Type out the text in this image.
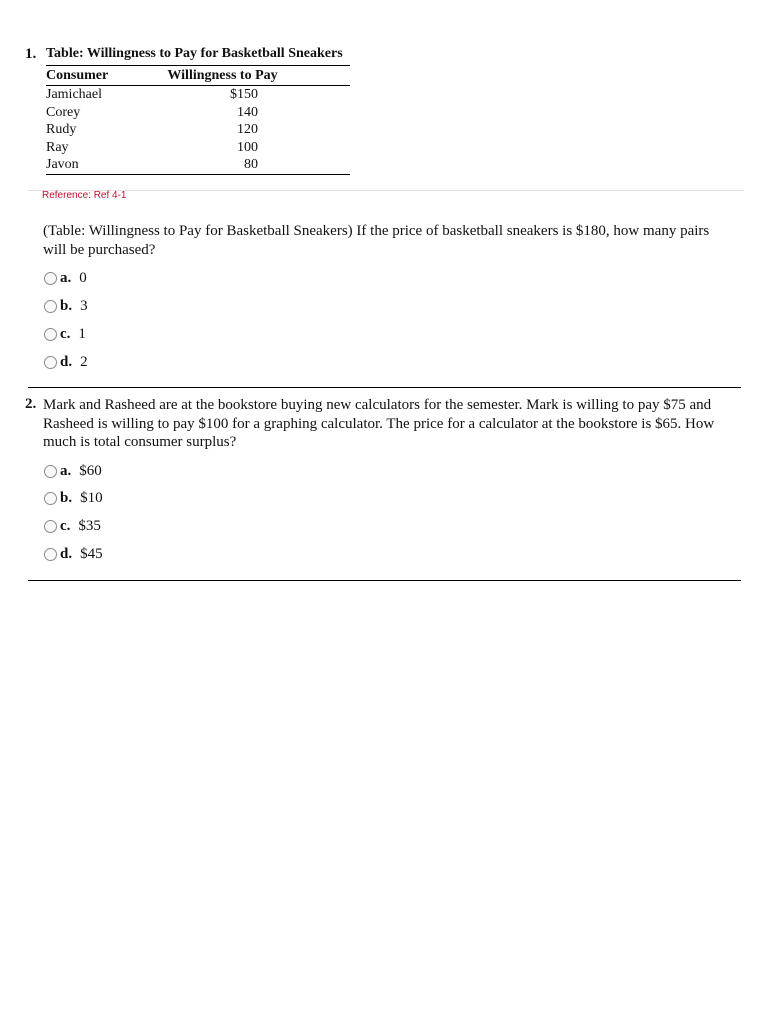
1. Table: Willingness to Pay for Basketball Sneakers
Consumer	Willingness to Pay
Jamichael	$150
Corey	140
Rudy	120
Ray	100
Javon	80
Reference: Ref 4-1
(Table: Willingness to Pay for Basketball Sneakers) If the price of basketball sneakers is $180, how many pairs will be purchased?
a. 0
b. 3
c. 1
d. 2
2. Mark and Rasheed are at the bookstore buying new calculators for the semester. Mark is willing to pay $75 and Rasheed is willing to pay $100 for a graphing calculator. The price for a calculator at the bookstore is $65. How much is total consumer surplus?
a. $60
b. $10
c. $35
d. $45
